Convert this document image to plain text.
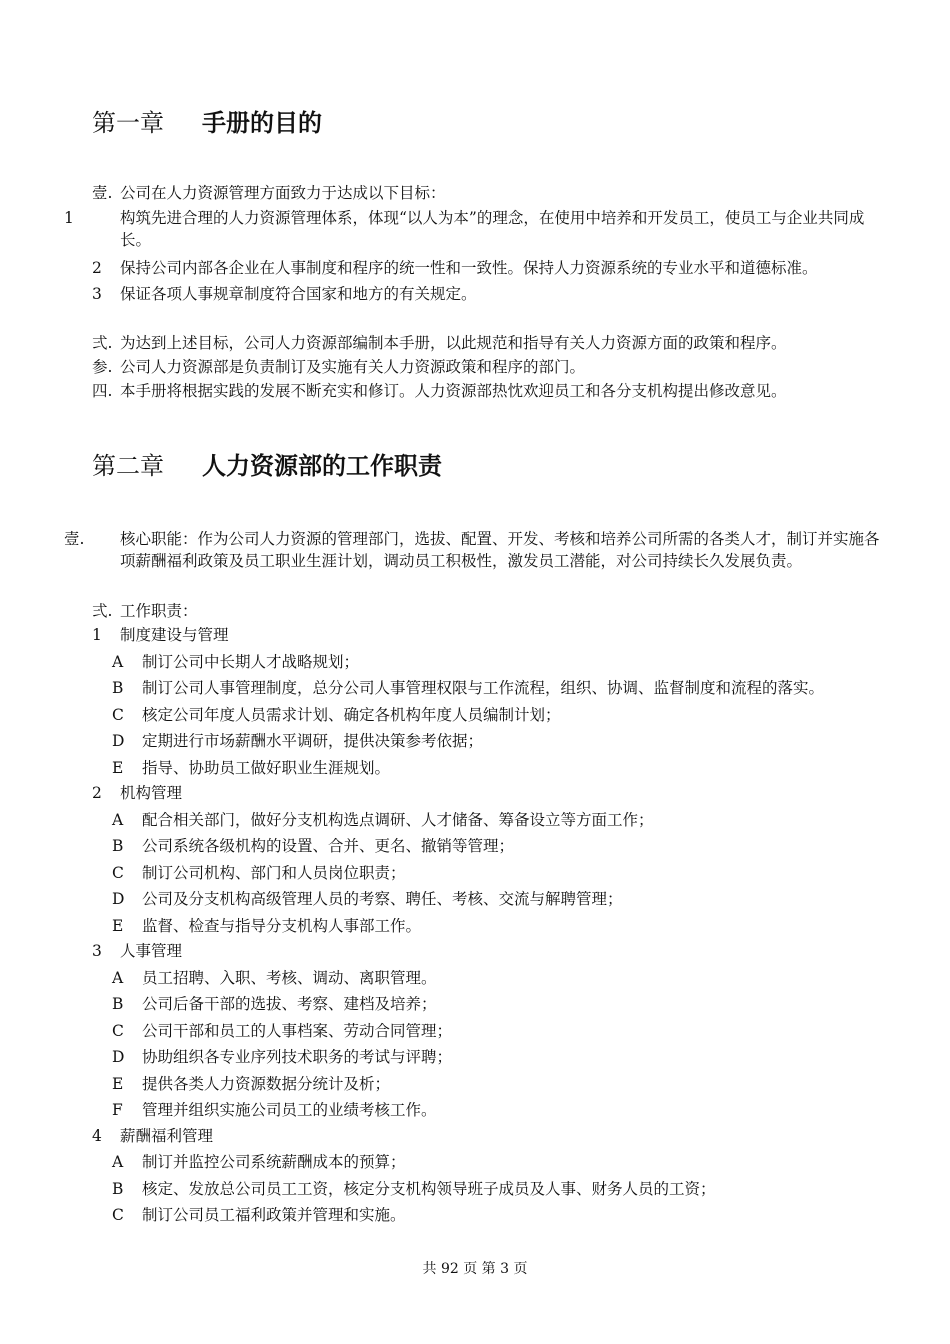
第一章 手册的目的
壹. 公司在人力资源管理方面致力于达成以下目标：
1	构筑先进合理的人力资源管理体系，体现“以人为本”的理念，在使用中培养和开发员工，使员工与企业共同成长。
2 保持公司内部各企业在人事制度和程序的统一性和一致性。保持人力资源系统的专业水平和道德标准。
3 保证各项人事规章制度符合国家和地方的有关规定。
弍. 为达到上述目标，公司人力资源部编制本手册，以此规范和指导有关人力资源方面的政策和程序。
参. 公司人力资源部是负责制订及实施有关人力资源政策和程序的部门。
四. 本手册将根据实践的发展不断充实和修订。人力资源部热忱欢迎员工和各分支机构提出修改意见。
第二章 人力资源部的工作职责
壹. 核心职能：作为公司人力资源的管理部门，选拔、配置、开发、考核和培养公司所需的各类人才，制订并实施各项薪酬福利政策及员工职业生涯计划，调动员工积极性，激发员工潜能，对公司持续长久发展负责。
弍. 工作职责：
1 制度建设与管理
A 制订公司中长期人才战略规划；
B 制订公司人事管理制度，总分公司人事管理权限与工作流程，组织、协调、监督制度和流程的落实。
C 核定公司年度人员需求计划、确定各机构年度人员编制计划；
D 定期进行市场薪酬水平调研，提供决策参考依据；
E 指导、协助员工做好职业生涯规划。
2 机构管理
A 配合相关部门，做好分支机构选点调研、人才储备、筹备设立等方面工作；
B 公司系统各级机构的设置、合并、更名、撤销等管理；
C 制订公司机构、部门和人员岗位职责；
D 公司及分支机构高级管理人员的考察、聘任、考核、交流与解聘管理；
E 监督、检查与指导分支机构人事部工作。
3 人事管理
A 员工招聘、入职、考核、调动、离职管理。
B 公司后备干部的选拔、考察、建档及培养；
C 公司干部和员工的人事档案、劳动合同管理；
D 协助组织各专业序列技术职务的考试与评聘；
E 提供各类人力资源数据分统计及析；
F 管理并组织实施公司员工的业绩考核工作。
4 薪酬福利管理
A 制订并监控公司系统薪酬成本的预算；
B 核定、发放总公司员工工资，核定分支机构领导班子成员及人事、财务人员的工资；
C 制订公司员工福利政策并管理和实施。
共 92 页 第 3 页
